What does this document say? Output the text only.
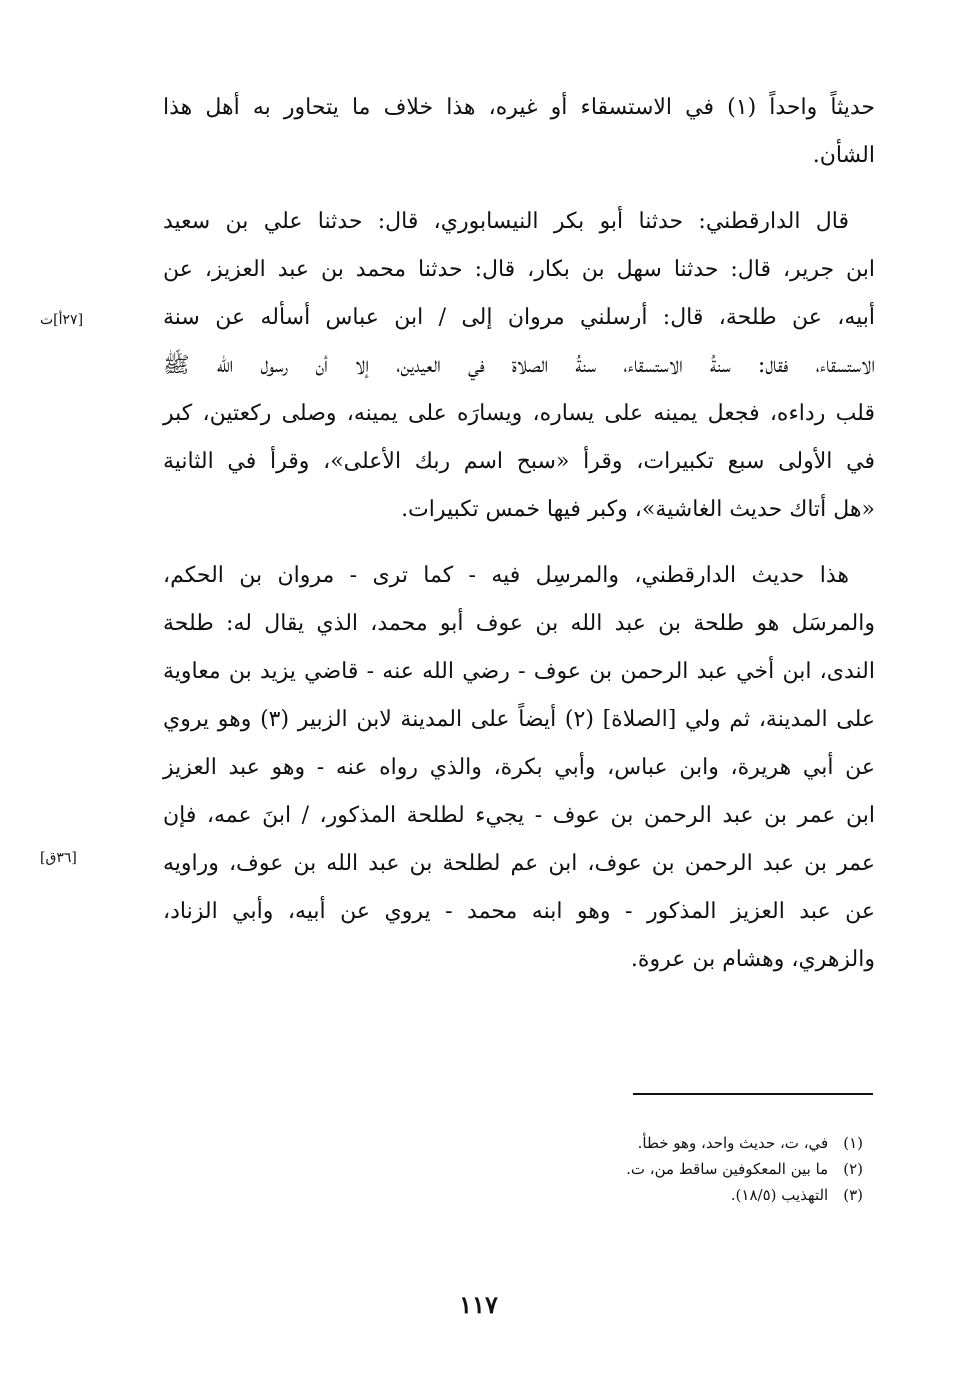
حديثاً واحداً (١) في الاستسقاء أو غيره، هذا خلاف ما يتحاور به أهل هذا
الشأن.
قال الدارقطني: حدثنا أبو بكر النيسابوري، قال: حدثنا علي بن سعيد
ابن جرير، قال: حدثنا سهل بن بكار، قال: حدثنا محمد بن عبد العزيز، عن
أبيه، عن طلحة، قال: أرسلني مروان إلى / ابن عباس أسأله عن سنة
الاستسقاء، فقال: سنةُ الاستسقاء، سنةُ الصلاة في العيدين، إلا أن رسول الله ﷺ
قلب رداءه، فجعل يمينه على يساره، ويسارَه على يمينه، وصلى ركعتين، كبر
في الأولى سبع تكبيرات، وقرأ «سبح اسم ربك الأعلى»، وقرأ في الثانية
«هل أتاك حديث الغاشية»، وكبر فيها خمس تكبيرات.
هذا حديث الدارقطني، والمرسِل فيه - كما ترى - مروان بن الحكم،
والمرسَل هو طلحة بن عبد الله بن عوف أبو محمد، الذي يقال له: طلحة
الندى، ابن أخي عبد الرحمن بن عوف - رضي الله عنه - قاضي يزيد بن معاوية
على المدينة، ثم ولي [الصلاة] (٢) أيضاً على المدينة لابن الزبير (٣) وهو يروي
عن أبي هريرة، وابن عباس، وأبي بكرة، والذي رواه عنه - وهو عبد العزيز
ابن عمر بن عبد الرحمن بن عوف - يجيء لطلحة المذكور، / ابنَ عمه، فإن
عمر بن عبد الرحمن بن عوف، ابن عم لطلحة بن عبد الله بن عوف، وراويه
عن عبد العزيز المذكور - وهو ابنه محمد - يروي عن أبيه، وأبي الزناد،
والزهري، وهشام بن عروة.
[٢٧أ]ت
[٣٦ق]
(١) في، ت، حديث واحد، وهو خطأ.
(٢) ما بين المعكوفين ساقط من، ت.
(٣) التهذيب (١٨/٥).
١١٧
